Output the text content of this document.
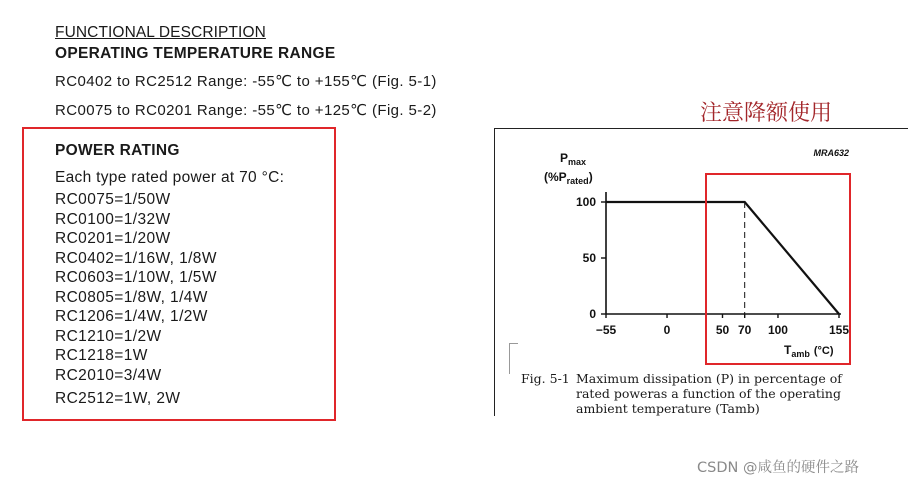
FUNCTIONAL DESCRIPTION
OPERATING TEMPERATURE RANGE
RC0402 to RC2512 Range: -55℃ to +155℃ (Fig. 5-1)
RC0075 to RC0201 Range: -55℃ to +125℃ (Fig. 5-2)
POWER RATING
Each type rated power at 70 °C:
RC0075=1/50W
RC0100=1/32W
RC0201=1/20W
RC0402=1/16W, 1/8W
RC0603=1/10W, 1/5W
RC0805=1/8W, 1/4W
RC1206=1/4W, 1/2W
RC1210=1/2W
RC1218=1W
RC2010=3/4W
RC2512=1W, 2W
注意降额使用
MRA632
$P_{max}$
$(\%P_{rated})$
0
50
100
−55	0	50 70 100	155
$T_{amb}$ (°C)
Fig. 5-1 Maximum dissipation (P) in percentage of rated poweras a function of the operating ambient temperature (Tamb)
CSDN @咸鱼的硬件之路
